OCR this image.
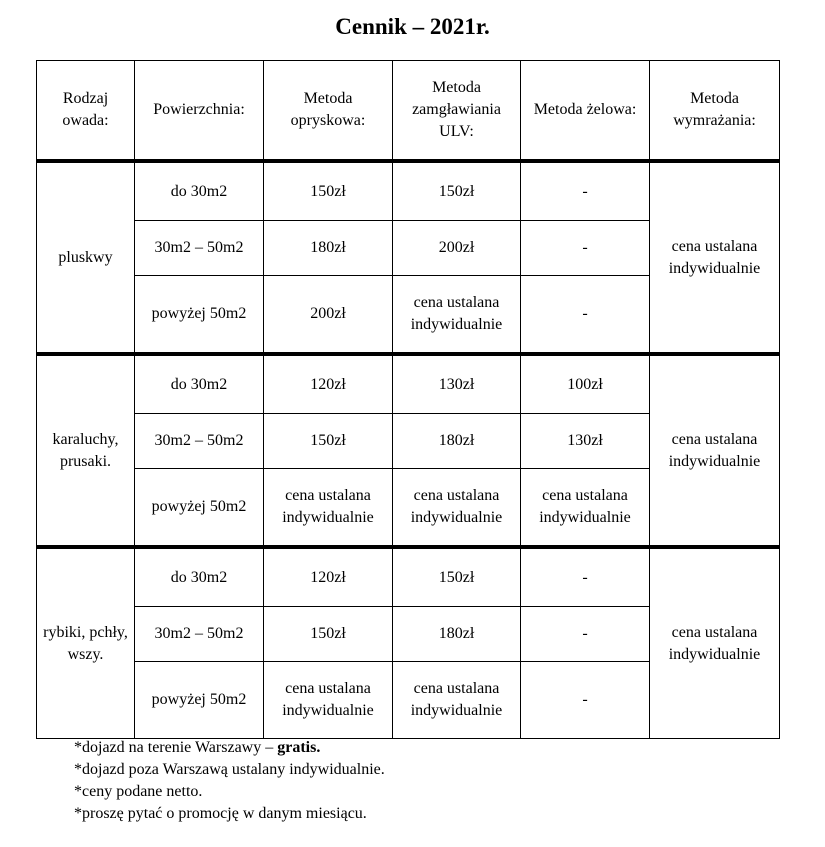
Cennik – 2021r.
Rodzaj owada:	Powierzchnia:	Metoda opryskowa:	Metoda zamgławiania ULV:	Metoda żelowa:	Metoda wymrażania:
pluskwy	do 30m2	150zł	150zł	-	cena ustalana indywidualnie
	30m2 – 50m2	180zł	200zł	-	
	powyżej 50m2	200zł	cena ustalana indywidualnie	-	
karaluchy, prusaki.	do 30m2	120zł	130zł	100zł	cena ustalana indywidualnie
	30m2 – 50m2	150zł	180zł	130zł	
	powyżej 50m2	cena ustalana indywidualnie	cena ustalana indywidualnie	cena ustalana indywidualnie	
rybiki, pchły, wszy.	do 30m2	120zł	150zł	-	cena ustalana indywidualnie
	30m2 – 50m2	150zł	180zł	-	
	powyżej 50m2	cena ustalana indywidualnie	cena ustalana indywidualnie	-	
*dojazd na terenie Warszawy – gratis.
*dojazd poza Warszawą ustalany indywidualnie.
*ceny podane netto.
*proszę pytać o promocję w danym miesiącu.
